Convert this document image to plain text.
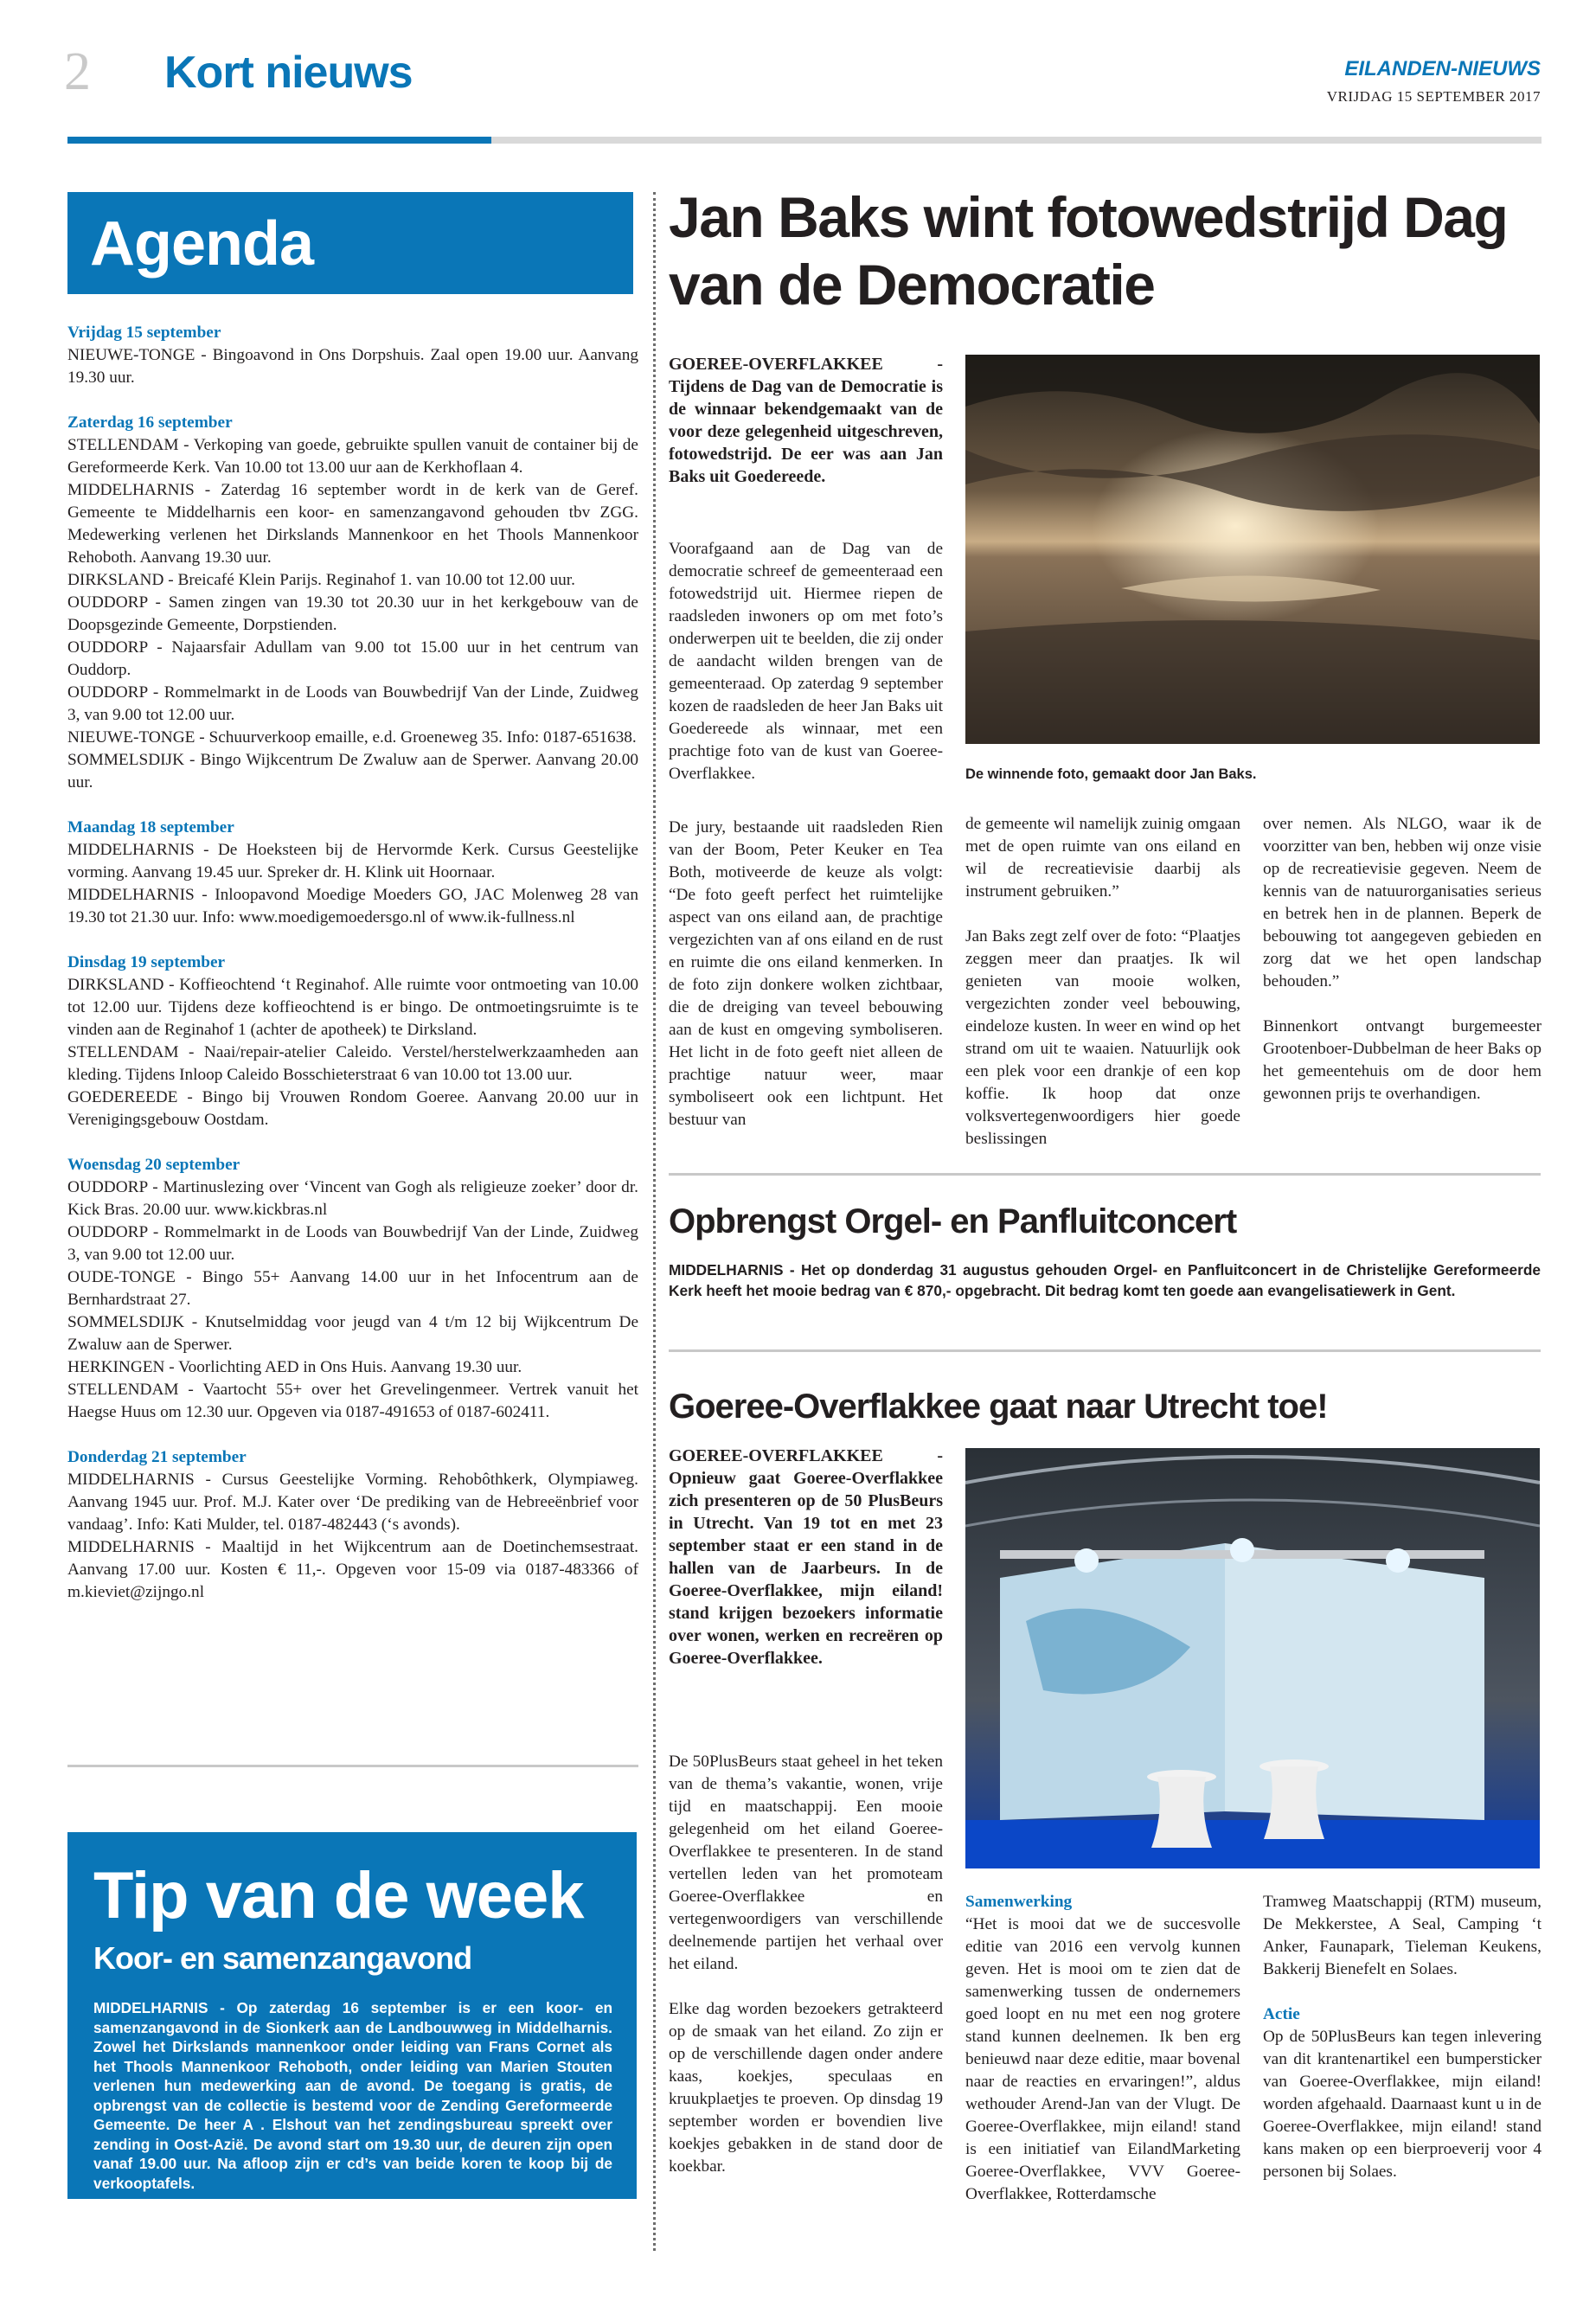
2 Kort nieuws	EILANDEN-NIEUWS
VRIJDAG 15 SEPTEMBER 2017
Agenda
Vrijdag 15 september
NIEUWE-TONGE - Bingoavond in Ons Dorpshuis. Zaal open 19.00 uur. Aanvang 19.30 uur.
Zaterdag 16 september
STELLENDAM - Verkoping van goede, gebruikte spullen vanuit de container bij de Gereformeerde Kerk. Van 10.00 tot 13.00 uur aan de Kerkhoflaan 4.
MIDDELHARNIS - Zaterdag 16 september wordt in de kerk van de Geref. Gemeente te Middelharnis een koor- en samenzangavond gehouden tbv ZGG. Medewerking verlenen het Dirkslands Mannenkoor en het Thools Mannenkoor Rehoboth. Aanvang 19.30 uur.
DIRKSLAND - Breicafé Klein Parijs. Reginahof 1. van 10.00 tot 12.00 uur.
OUDDORP - Samen zingen van 19.30 tot 20.30 uur in het kerkgebouw van de Doopsgezinde Gemeente, Dorpstienden.
OUDDORP - Najaarsfair Adullam van 9.00 tot 15.00 uur in het centrum van Ouddorp.
OUDDORP - Rommelmarkt in de Loods van Bouwbedrijf Van der Linde, Zuidweg 3, van 9.00 tot 12.00 uur.
NIEUWE-TONGE - Schuurverkoop emaille, e.d. Groeneweg 35. Info: 0187-651638.
SOMMELSDIJK - Bingo Wijkcentrum De Zwaluw aan de Sperwer. Aanvang 20.00 uur.
Maandag 18 september
MIDDELHARNIS - De Hoeksteen bij de Hervormde Kerk. Cursus Geestelijke vorming. Aanvang 19.45 uur. Spreker dr. H. Klink uit Hoornaar.
MIDDELHARNIS - Inloopavond Moedige Moeders GO, JAC Molenweg 28 van 19.30 tot 21.30 uur. Info: www.moedigemoedersgo.nl of www.ik-fullness.nl
Dinsdag 19 september
DIRKSLAND - Koffieochtend ‘t Reginahof. Alle ruimte voor ontmoeting van 10.00 tot 12.00 uur. Tijdens deze koffieochtend is er bingo. De ontmoetingsruimte is te vinden aan de Reginahof 1 (achter de apotheek) te Dirksland.
STELLENDAM - Naai/repair-atelier Caleido. Verstel/herstelwerkzaamheden aan kleding. Tijdens Inloop Caleido Bosschieterstraat 6 van 10.00 tot 13.00 uur.
GOEDEREEDE - Bingo bij Vrouwen Rondom Goeree. Aanvang 20.00 uur in Verenigingsgebouw Oostdam.
Woensdag 20 september
OUDDORP - Martinuslezing over ‘Vincent van Gogh als religieuze zoeker’ door dr. Kick Bras. 20.00 uur. www.kickbras.nl
OUDDORP - Rommelmarkt in de Loods van Bouwbedrijf Van der Linde, Zuidweg 3, van 9.00 tot 12.00 uur.
OUDE-TONGE - Bingo 55+ Aanvang 14.00 uur in het Infocentrum aan de Bernhardstraat 27.
SOMMELSDIJK - Knutselmiddag voor jeugd van 4 t/m 12 bij Wijkcentrum De Zwaluw aan de Sperwer.
HERKINGEN - Voorlichting AED in Ons Huis. Aanvang 19.30 uur.
STELLENDAM - Vaartocht 55+ over het Grevelingenmeer. Vertrek vanuit het Haegse Huus om 12.30 uur. Opgeven via 0187-491653 of 0187-602411.
Donderdag 21 september
MIDDELHARNIS - Cursus Geestelijke Vorming. Rehobôthkerk, Olympiaweg. Aanvang 1945 uur. Prof. M.J. Kater over ‘De prediking van de Hebreeënbrief voor vandaag’. Info: Kati Mulder, tel. 0187-482443 (‘s avonds).
MIDDELHARNIS - Maaltijd in het Wijkcentrum aan de Doetinchemsestraat. Aanvang 17.00 uur. Kosten € 11,-. Opgeven voor 15-09 via 0187-483366 of m.kieviet@zijngo.nl
Tip van de week
Koor- en samenzangavond
MIDDELHARNIS - Op zaterdag 16 september is er een koor- en samenzangavond in de Sionkerk aan de Landbouwweg in Middelharnis. Zowel het Dirkslands mannenkoor onder leiding van Frans Cornet als het Thools Mannenkoor Rehoboth, onder leiding van Marien Stouten verlenen hun medewerking aan de avond. De toegang is gratis, de opbrengst van de collectie is bestemd voor de Zending Gereformeerde Gemeente. De heer A . Elshout van het zendingsbureau spreekt over zending in Oost-Azië. De avond start om 19.30 uur, de deuren zijn open vanaf 19.00 uur. Na afloop zijn er cd’s van beide koren te koop bij de verkooptafels.
Jan Baks wint fotowedstrijd Dag van de Democratie
GOEREE-OVERFLAKKEE - Tijdens de Dag van de Democratie is de winnaar bekendgemaakt van de voor deze gelegenheid uitgeschreven, fotowedstrijd. De eer was aan Jan Baks uit Goedereede.
Voorafgaand aan de Dag van de democratie schreef de gemeenteraad een fotowedstrijd uit. Hiermee riepen de raadsleden inwoners op om met foto’s onderwerpen uit te beelden, die zij onder de aandacht wilden brengen van de gemeenteraad. Op zaterdag 9 september kozen de raadsleden de heer Jan Baks uit Goedereede als winnaar, met een prachtige foto van de kust van Goeree-Overflakkee.	De winnende foto, gemaakt door Jan Baks.
De jury, bestaande uit raadsleden Rien van der Boom, Peter Keuker en Tea Both, motiveerde de keuze als volgt: “De foto geeft perfect het ruimtelijke aspect van ons eiland aan, de prachtige vergezichten van af ons eiland en de rust en ruimte die ons eiland kenmerken. In de foto zijn donkere wolken zichtbaar, die de dreiging van teveel bebouwing aan de kust en omgeving symboliseren. Het licht in de foto geeft niet alleen de prachtige natuur weer, maar symboliseert ook een lichtpunt. Het bestuur van
de gemeente wil namelijk zuinig omgaan met de open ruimte van ons eiland en wil de recreatievisie daarbij als instrument gebruiken.”
Jan Baks zegt zelf over de foto: “Plaatjes zeggen meer dan praatjes. Ik wil genieten van mooie wolken, vergezichten zonder veel bebouwing, eindeloze kusten. In weer en wind op het strand om uit te waaien. Natuurlijk ook een plek voor een drankje of een kop koffie. Ik hoop dat onze volksvertegenwoordigers hier goede beslissingen
over nemen. Als NLGO, waar ik de voorzitter van ben, hebben wij onze visie op de recreatievisie gegeven. Neem de kennis van de natuurorganisaties serieus en betrek hen in de plannen. Beperk de bebouwing tot aangegeven gebieden en zorg dat we het open landschap behouden.”
Binnenkort ontvangt burgemeester Grootenboer-Dubbelman de heer Baks op het gemeentehuis om de door hem gewonnen prijs te overhandigen.
Opbrengst Orgel- en Panfluitconcert
MIDDELHARNIS - Het op donderdag 31 augustus gehouden Orgel- en Panfluitconcert in de Christelijke Gereformeerde Kerk heeft het mooie bedrag van € 870,- opgebracht. Dit bedrag komt ten goede aan evangelisatiewerk in Gent.
Goeree-Overflakkee gaat naar Utrecht toe!
GOEREE-OVERFLAKKEE - Opnieuw gaat Goeree-Overflakkee zich presenteren op de 50 PlusBeurs in Utrecht. Van 19 tot en met 23 september staat er een stand in de hallen van de Jaarbeurs. In de Goeree-Overflakkee, mijn eiland! stand krijgen bezoekers informatie over wonen, werken en recreëren op Goeree-Overflakkee.
De 50PlusBeurs staat geheel in het teken van de thema’s vakantie, wonen, vrije tijd en maatschappij. Een mooie gelegenheid om het eiland Goeree-Overflakkee te presenteren. In de stand vertellen leden van het promoteam Goeree-Overflakkee en vertegenwoordigers van verschillende deelnemende partijen het verhaal over het eiland.
Elke dag worden bezoekers getrakteerd op de smaak van het eiland. Zo zijn er op de verschillende dagen onder andere kaas, koekjes, speculaas en kruukplaetjes te proeven. Op dinsdag 19 september worden er bovendien live koekjes gebakken in de stand door de koekbar.
Samenwerking
“Het is mooi dat we de succesvolle editie van 2016 een vervolg kunnen geven. Het is mooi om te zien dat de samenwerking tussen de ondernemers goed loopt en nu met een nog grotere stand kunnen deelnemen. Ik ben erg benieuwd naar deze editie, maar bovenal naar de reacties en ervaringen!”, aldus wethouder Arend-Jan van der Vlugt. De Goeree-Overflakkee, mijn eiland! stand is een initiatief van EilandMarketing Goeree-Overflakkee, VVV Goeree-Overflakkee, Rotterdamsche
Tramweg Maatschappij (RTM) museum, De Mekkerstee, A Seal, Camping ‘t Anker, Faunapark, Tieleman Keukens, Bakkerij Bienefelt en Solaes.
Actie
Op de 50PlusBeurs kan tegen inlevering van dit krantenartikel een bumpersticker van Goeree-Overflakkee, mijn eiland! worden afgehaald. Daarnaast kunt u in de Goeree-Overflakkee, mijn eiland! stand kans maken op een bierproeverij voor 4 personen bij Solaes.
